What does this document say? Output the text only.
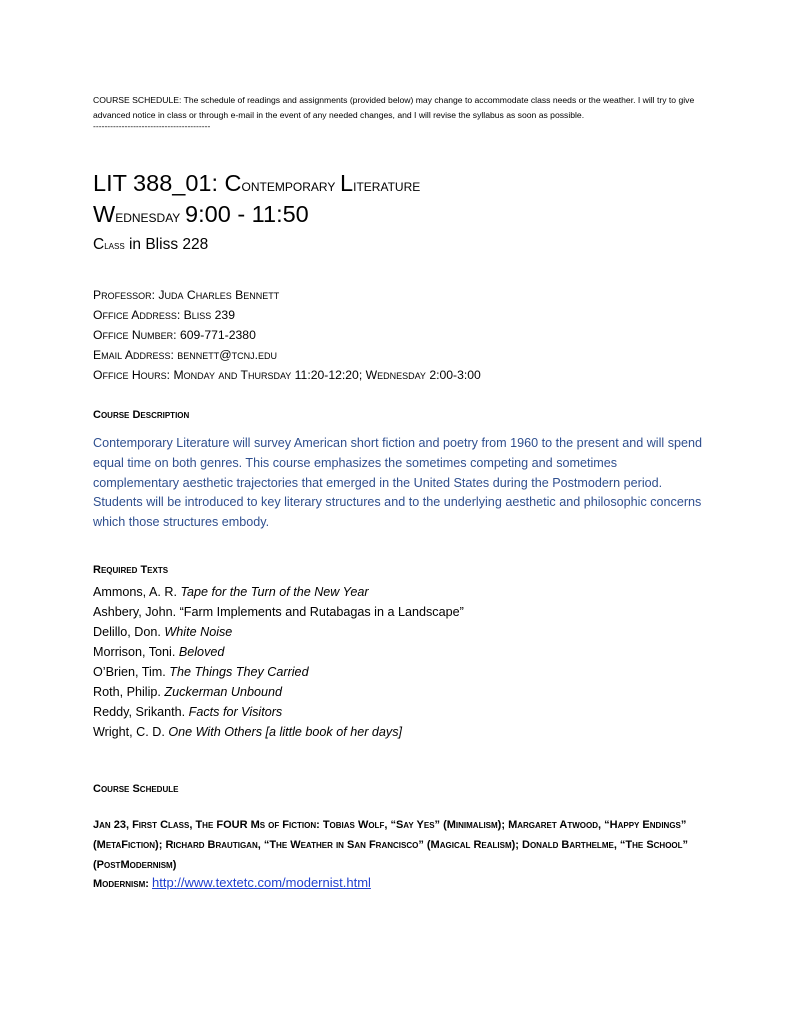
COURSE SCHEDULE: The schedule of readings and assignments (provided below) may change to accommodate class needs or the weather. I will try to give advanced notice in class or through e-mail in the event of any needed changes, and I will revise the syllabus as soon as possible.
-----------------------------------------
LIT 388_01: Contemporary Literature
Wednesday 9:00 - 11:50
Class in Bliss 228
Professor: Juda Charles Bennett
Office Address: Bliss 239
Office Number: 609-771-2380
Email Address: bennett@tcnj.edu
Office Hours: Monday and Thursday 11:20-12:20; Wednesday 2:00-3:00
Course Description
Contemporary Literature will survey American short fiction and poetry from 1960 to the present and will spend equal time on both genres. This course emphasizes the sometimes competing and sometimes complementary aesthetic trajectories that emerged in the United States during the Postmodern period. Students will be introduced to key literary structures and to the underlying aesthetic and philosophic concerns which those structures embody.
Required Texts
Ammons, A. R. Tape for the Turn of the New Year
Ashbery, John. “Farm Implements and Rutabagas in a Landscape”
Delillo, Don. White Noise
Morrison, Toni. Beloved
O’Brien, Tim. The Things They Carried
Roth, Philip. Zuckerman Unbound
Reddy, Srikanth. Facts for Visitors
Wright, C. D. One With Others [a little book of her days]
Course Schedule
Jan 23, First Class, The FOUR Ms of Fiction: Tobias Wolf, “Say Yes” (Minimalism); Margaret Atwood, “Happy Endings” (MetaFiction); Richard Brautigan, “The Weather in San Francisco” (Magical Realism); Donald Barthelme, “The School” (PostModernism)
Modernism: http://www.textetc.com/modernist.html
